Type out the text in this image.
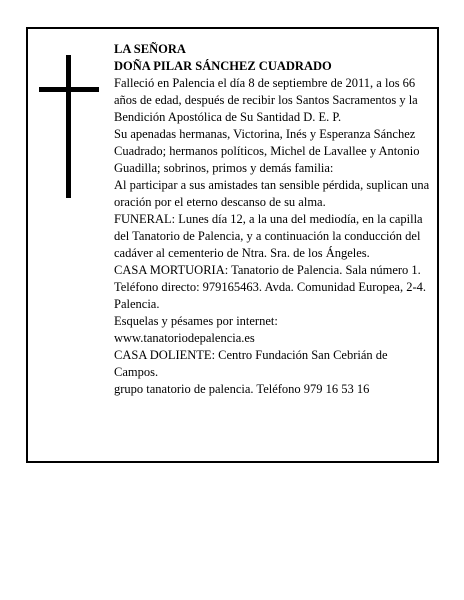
LA SEÑORA

DOÑA PILAR SÁNCHEZ CUADRADO

Falleció en Palencia el día 8 de septiembre de 2011, a los 66 años de edad, después de recibir los Santos Sacramentos y la Bendición Apostólica de Su Santidad D. E. P.

Su apenadas hermanas, Victorina, Inés y Esperanza Sánchez Cuadrado; hermanos políticos, Michel de Lavallee y Antonio Guadilla; sobrinos, primos y demás familia:

Al participar a sus amistades tan sensible pérdida, suplican una oración por el eterno descanso de su alma.

FUNERAL: Lunes día 12, a la una del mediodía, en la capilla del Tanatorio de Palencia, y a continuación la conducción del cadáver al cementerio de Ntra. Sra. de los Ángeles.

CASA MORTUORIA: Tanatorio de Palencia. Sala número 1. Teléfono directo: 979165463. Avda. Comunidad Europea, 2-4. Palencia.

Esquelas y pésames por internet:

www.tanatoriodepalencia.es

CASA DOLIENTE: Centro Fundación San Cebrián de Campos.

grupo tanatorio de palencia. Teléfono 979 16 53 16
